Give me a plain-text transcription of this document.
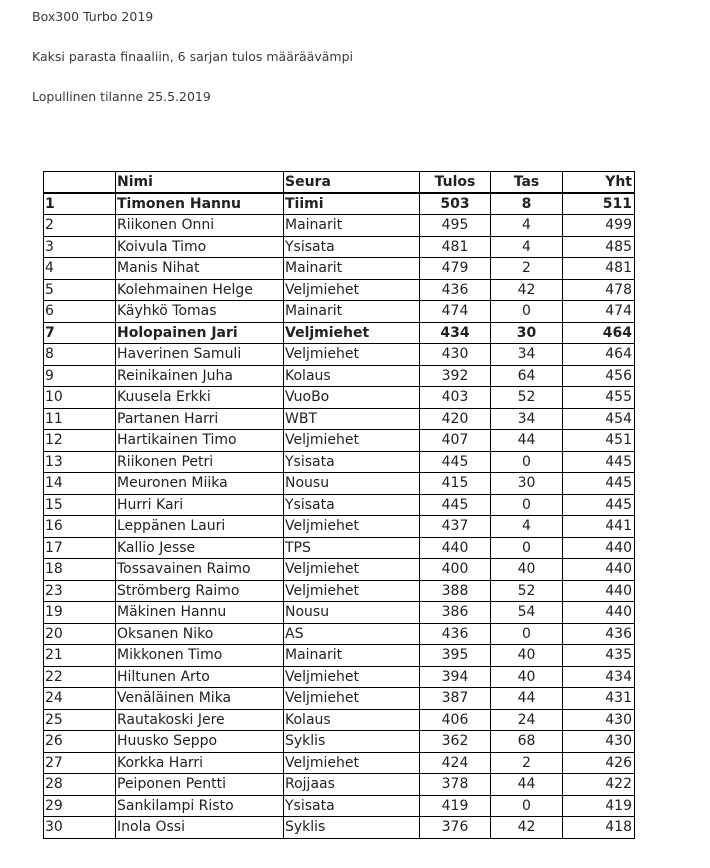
Box300 Turbo 2019
Kaksi parasta finaaliin, 6 sarjan tulos määräävämpi
Lopullinen tilanne 25.5.2019
	Nimi	Seura	Tulos	Tas	Yht
1	Timonen Hannu	Tiimi	503	8	511
2	Riikonen Onni	Mainarit	495	4	499
3	Koivula Timo	Ysisata	481	4	485
4	Manis Nihat	Mainarit	479	2	481
5	Kolehmainen Helge	Veljmiehet	436	42	478
6	Käyhkö Tomas	Mainarit	474	0	474
7	Holopainen Jari	Veljmiehet	434	30	464
8	Haverinen Samuli	Veljmiehet	430	34	464
9	Reinikainen Juha	Kolaus	392	64	456
10	Kuusela Erkki	VuoBo	403	52	455
11	Partanen Harri	WBT	420	34	454
12	Hartikainen Timo	Veljmiehet	407	44	451
13	Riikonen Petri	Ysisata	445	0	445
14	Meuronen Miika	Nousu	415	30	445
15	Hurri Kari	Ysisata	445	0	445
16	Leppänen Lauri	Veljmiehet	437	4	441
17	Kallio Jesse	TPS	440	0	440
18	Tossavainen Raimo	Veljmiehet	400	40	440
23	Strömberg Raimo	Veljmiehet	388	52	440
19	Mäkinen Hannu	Nousu	386	54	440
20	Oksanen Niko	AS	436	0	436
21	Mikkonen Timo	Mainarit	395	40	435
22	Hiltunen Arto	Veljmiehet	394	40	434
24	Venäläinen Mika	Veljmiehet	387	44	431
25	Rautakoski Jere	Kolaus	406	24	430
26	Huusko Seppo	Syklis	362	68	430
27	Korkka Harri	Veljmiehet	424	2	426
28	Peiponen Pentti	Rojjaas	378	44	422
29	Sankilampi Risto	Ysisata	419	0	419
30	Inola Ossi	Syklis	376	42	418
